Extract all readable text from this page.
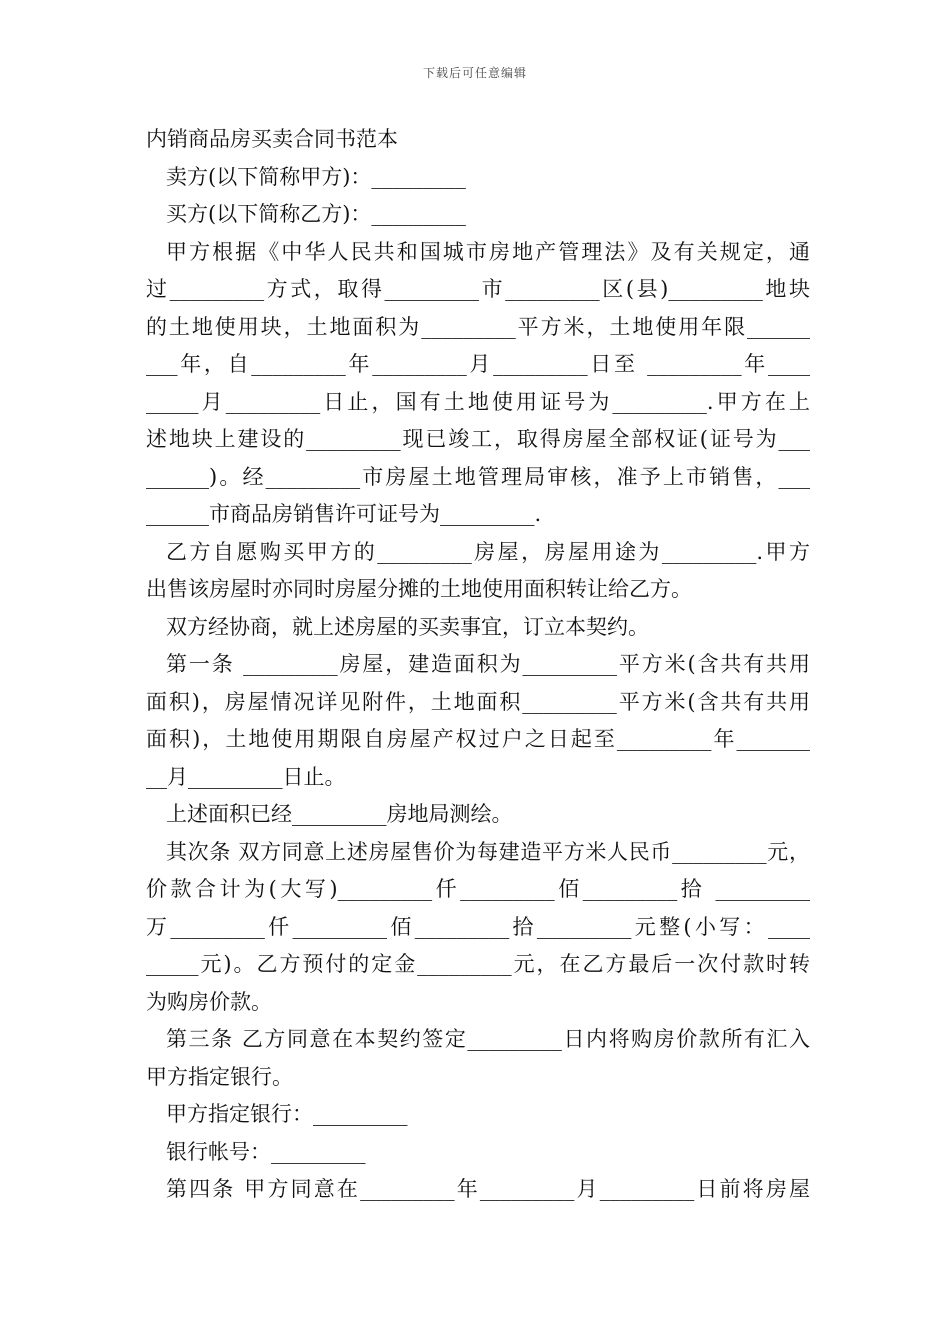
下载后可任意编辑
内销商品房买卖合同书范本
卖方(以下简称甲方)：_________
买方(以下简称乙方)：_________
甲方根据《中华人民共和国城市房地产管理法》及有关规定，通
过_________方式，取得_________市_________区(县)_________地块
的土地使用块，土地面积为_________平方米，土地使用年限______
___年，自_________年_________月_________日至 _________年____
_____月_________日止，国有土地使用证号为_________.甲方在上
述地块上建设的_________现已竣工，取得房屋全部权证(证号为___
______)。经_________市房屋土地管理局审核，准予上市销售，___
______市商品房销售许可证号为_________.
乙方自愿购买甲方的_________房屋，房屋用途为_________.甲方
出售该房屋时亦同时房屋分摊的土地使用面积转让给乙方。
双方经协商，就上述房屋的买卖事宜，订立本契约。
第一条 _________房屋，建造面积为_________平方米(含共有共用
面积)，房屋情况详见附件，土地面积_________平方米(含共有共用
面积)，土地使用期限自房屋产权过户之日起至_________年_______
__月_________日止。
上述面积已经_________房地局测绘。
其次条 双方同意上述房屋售价为每建造平方米人民币_________元，
价款合计为(大写)_________仟_________佰_________拾 _________
万_________仟_________佰_________拾_________元整(小写：____
_____元)。乙方预付的定金_________元，在乙方最后一次付款时转
为购房价款。
第三条 乙方同意在本契约签定_________日内将购房价款所有汇入
甲方指定银行。
甲方指定银行：_________
银行帐号：_________
第四条 甲方同意在_________年_________月_________日前将房屋
